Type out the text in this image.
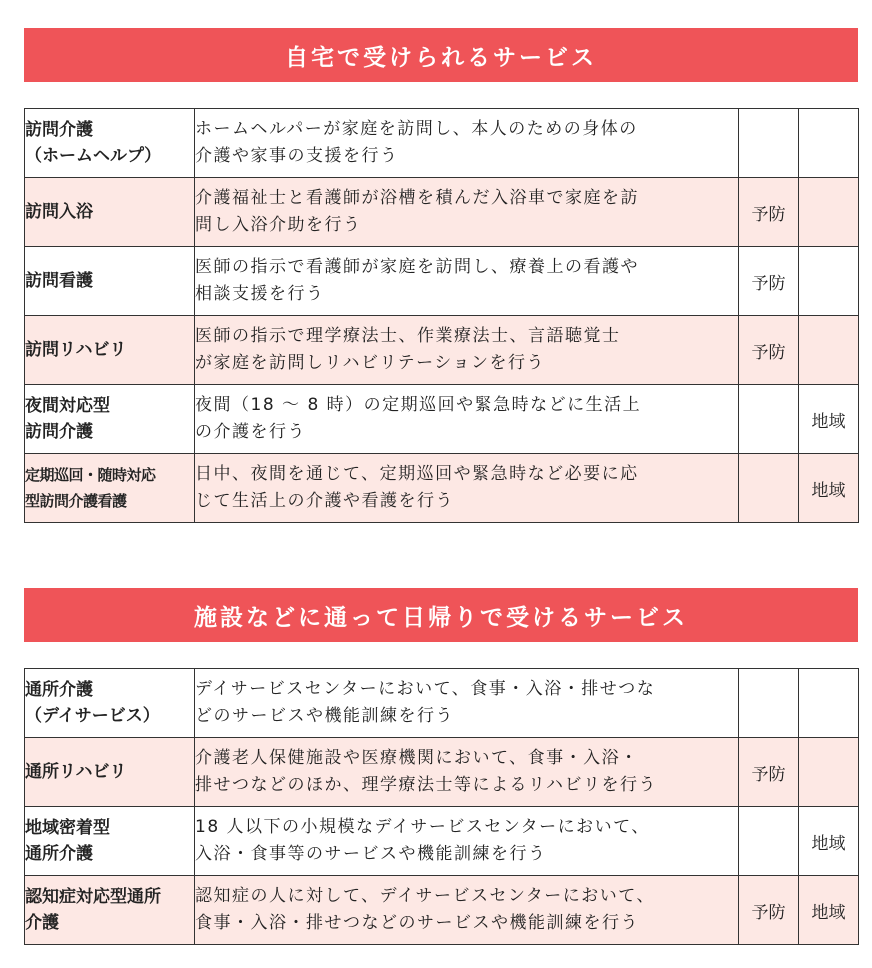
自宅で受けられるサービス
訪問介護
（ホームヘルプ）	ホームヘルパーが家庭を訪問し、本人のための身体の
介護や家事の支援を行う		

訪問入浴	介護福祉士と看護師が浴槽を積んだ入浴車で家庭を訪
問し入浴介助を行う	予防	

訪問看護	医師の指示で看護師が家庭を訪問し、療養上の看護や
相談支援を行う	予防	

訪問リハビリ	医師の指示で理学療法士、作業療法士、言語聴覚士
が家庭を訪問しリハビリテーションを行う	予防	

夜間対応型
訪問介護	夜間（18 ～ 8 時）の定期巡回や緊急時などに生活上
の介護を行う		地域

定期巡回・随時対応
型訪問介護看護	日中、夜間を通じて、定期巡回や緊急時など必要に応
じて生活上の介護や看護を行う		地域
施設などに通って日帰りで受けるサービス
通所介護
（デイサービス）	デイサービスセンターにおいて、食事・入浴・排せつな
どのサービスや機能訓練を行う		

通所リハビリ	介護老人保健施設や医療機関において、食事・入浴・
排せつなどのほか、理学療法士等によるリハビリを行う	予防	

地域密着型
通所介護	18 人以下の小規模なデイサービスセンターにおいて、
入浴・食事等のサービスや機能訓練を行う		地域

認知症対応型通所
介護	認知症の人に対して、デイサービスセンターにおいて、
食事・入浴・排せつなどのサービスや機能訓練を行う	予防	地域
